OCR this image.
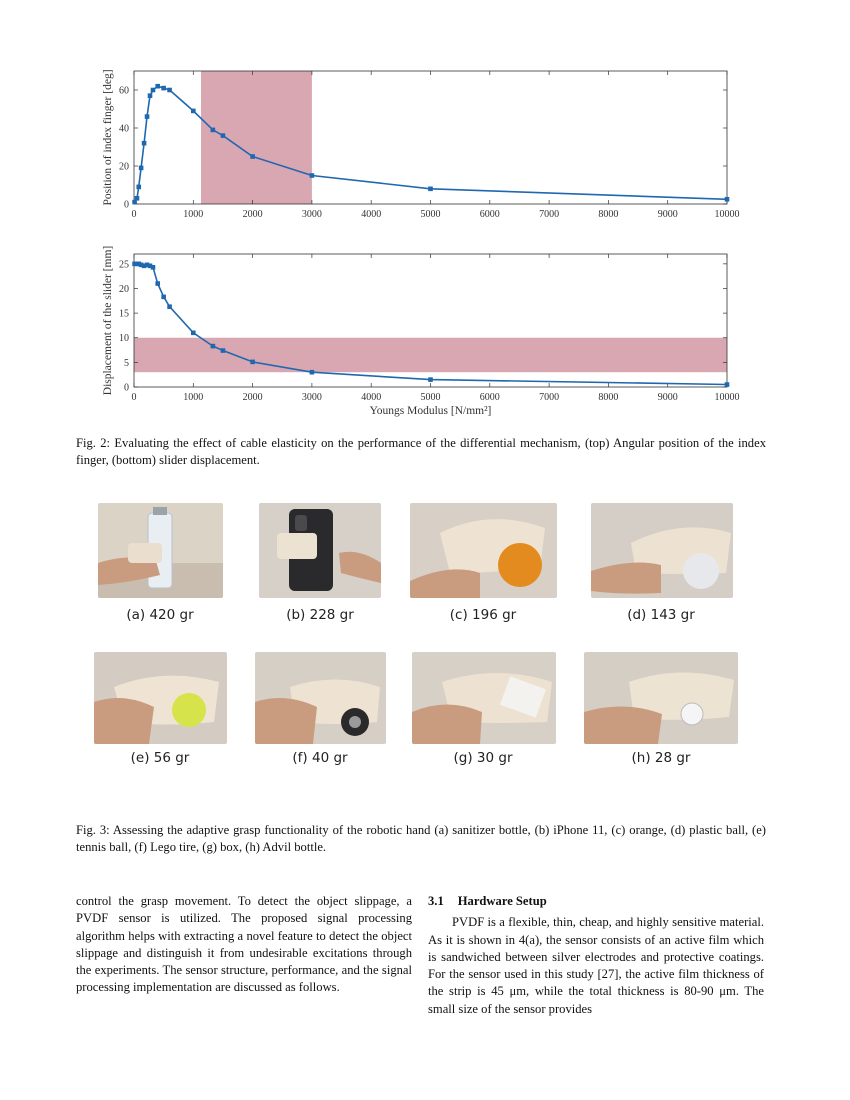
0	1000	2000	3000	4000	5000	6000	7000	8000	9000	10000
0
20
40
60
Position of index finger [deg]
0	1000	2000	3000	4000	5000	6000	7000	8000	9000	10000
0
5
10
15
20
25
Displacement of the slider [mm]
Youngs Modulus [N/mm²]

Fig. 2: Evaluating the effect of cable elasticity on the performance of the differential mechanism, (top) Angular position of the index finger, (bottom) slider displacement.

(a) 420 gr	(b) 228 gr	(c) 196 gr	(d) 143 gr
(e) 56 gr	(f) 40 gr	(g) 30 gr	(h) 28 gr

Fig. 3: Assessing the adaptive grasp functionality of the robotic hand (a) sanitizer bottle, (b) iPhone 11, (c) orange, (d) plastic ball, (e) tennis ball, (f) Lego tire, (g) box, (h) Advil bottle.

control the grasp movement. To detect the object slippage, a PVDF sensor is utilized. The proposed signal processing algorithm helps with extracting a novel feature to detect the object slippage and distinguish it from undesirable excitations through the experiments. The sensor structure, performance, and the signal processing implementation are discussed as follows.

3.1 Hardware Setup

PVDF is a flexible, thin, cheap, and highly sensitive material. As it is shown in 4(a), the sensor consists of an active film which is sandwiched between silver electrodes and protective coatings. For the sensor used in this study [27], the active film thickness of the strip is 45 μm, while the total thickness is 80-90 μm. The small size of the sensor provides
